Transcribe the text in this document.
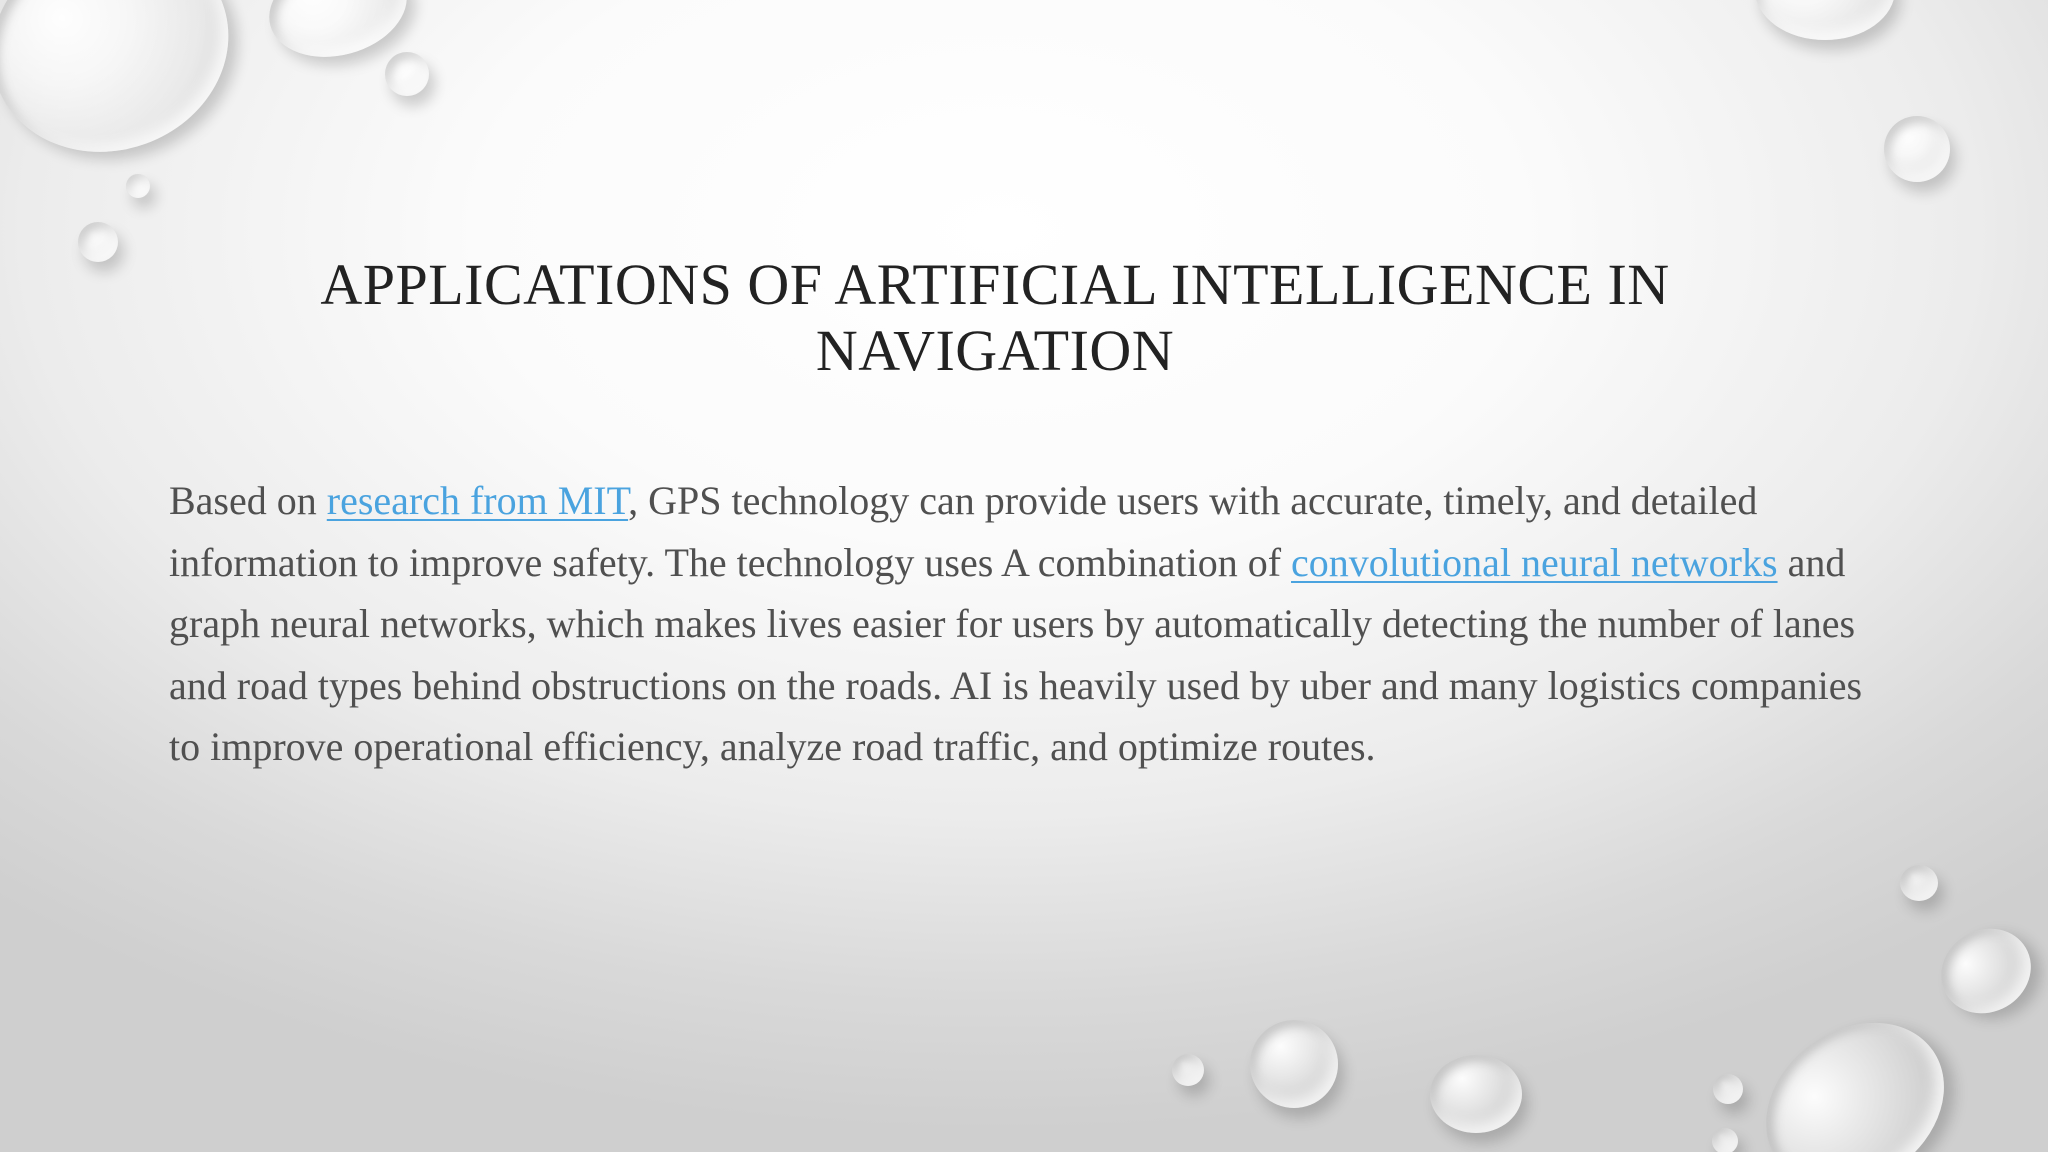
APPLICATIONS OF ARTIFICIAL INTELLIGENCE IN
NAVIGATION

Based on research from MIT, GPS technology can provide users with accurate, timely, and detailed information to improve safety. The technology uses A combination of convolutional neural networks and graph neural networks, which makes lives easier for users by automatically detecting the number of lanes and road types behind obstructions on the roads. AI is heavily used by uber and many logistics companies to improve operational efficiency, analyze road traffic, and optimize routes.
